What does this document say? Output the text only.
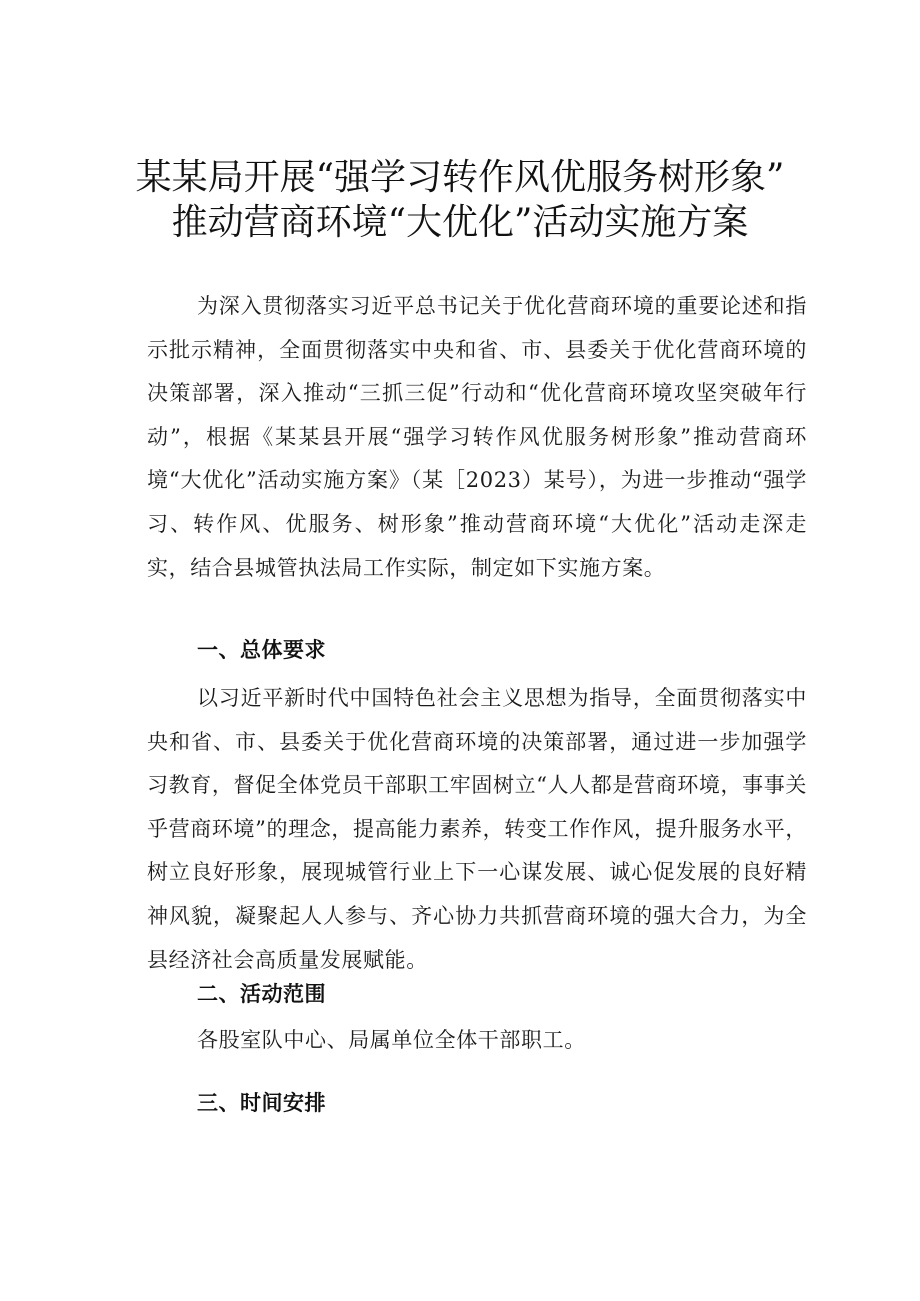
某某局开展“强学习转作风优服务树形象”
推动营商环境“大优化”活动实施方案

为深入贯彻落实习近平总书记关于优化营商环境的重要论述和指示批示精神，全面贯彻落实中央和省、市、县委关于优化营商环境的决策部署，深入推动“三抓三促”行动和“优化营商环境攻坚突破年行动”，根据《某某县开展“强学习转作风优服务树形象”推动营商环境“大优化”活动实施方案》（某［2023）某号），为进一步推动“强学习、转作风、优服务、树形象”推动营商环境“大优化”活动走深走实，结合县城管执法局工作实际，制定如下实施方案。

一、总体要求

以习近平新时代中国特色社会主义思想为指导，全面贯彻落实中央和省、市、县委关于优化营商环境的决策部署，通过进一步加强学习教育，督促全体党员干部职工牢固树立“人人都是营商环境，事事关乎营商环境”的理念，提高能力素养，转变工作作风，提升服务水平，树立良好形象，展现城管行业上下一心谋发展、诚心促发展的良好精神风貌，凝聚起人人参与、齐心协力共抓营商环境的强大合力，为全县经济社会高质量发展赋能。

二、活动范围

各股室队中心、局属单位全体干部职工。

三、时间安排
